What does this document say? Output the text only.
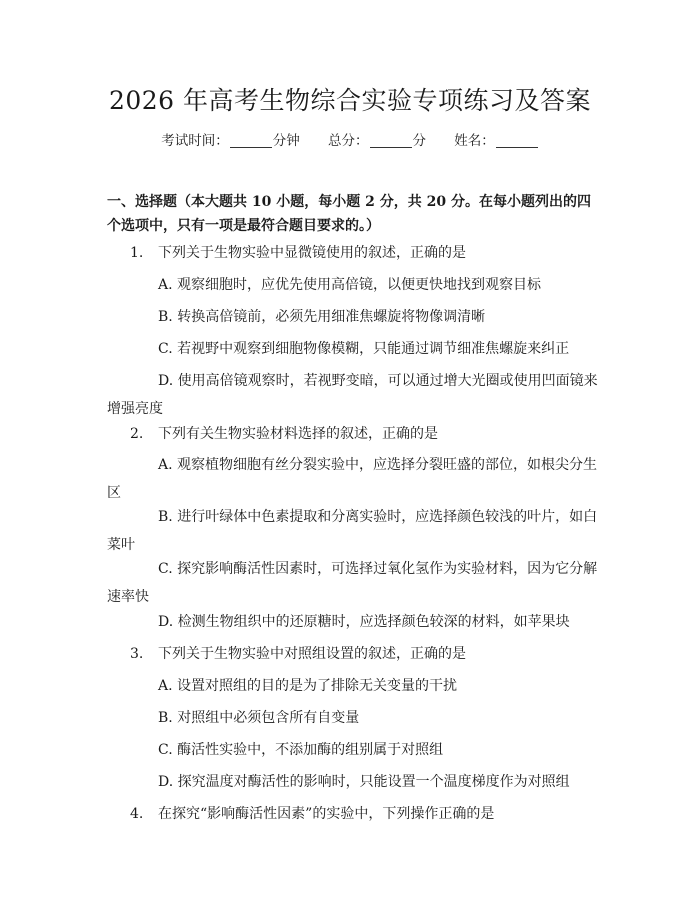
2026 年高考生物综合实验专项练习及答案
考试时间：	分钟 总分：	分 姓名：
一、选择题（本大题共 10 小题，每小题 2 分，共 20 分。在每小题列出的四个选项中，只有一项是最符合题目要求的。）
1. 下列关于生物实验中显微镜使用的叙述，正确的是
A. 观察细胞时，应优先使用高倍镜，以便更快地找到观察目标
B. 转换高倍镜前，必须先用细准焦螺旋将物像调清晰
C. 若视野中观察到细胞物像模糊，只能通过调节细准焦螺旋来纠正
D. 使用高倍镜观察时，若视野变暗，可以通过增大光圈或使用凹面镜来增强亮度
2. 下列有关生物实验材料选择的叙述，正确的是
A. 观察植物细胞有丝分裂实验中，应选择分裂旺盛的部位，如根尖分生区
B. 进行叶绿体中色素提取和分离实验时，应选择颜色较浅的叶片，如白菜叶
C. 探究影响酶活性因素时，可选择过氧化氢作为实验材料，因为它分解速率快
D. 检测生物组织中的还原糖时，应选择颜色较深的材料，如苹果块
3. 下列关于生物实验中对照组设置的叙述，正确的是
A. 设置对照组的目的是为了排除无关变量的干扰
B. 对照组中必须包含所有自变量
C. 酶活性实验中，不添加酶的组别属于对照组
D. 探究温度对酶活性的影响时，只能设置一个温度梯度作为对照组
4. 在探究“影响酶活性因素”的实验中，下列操作正确的是
